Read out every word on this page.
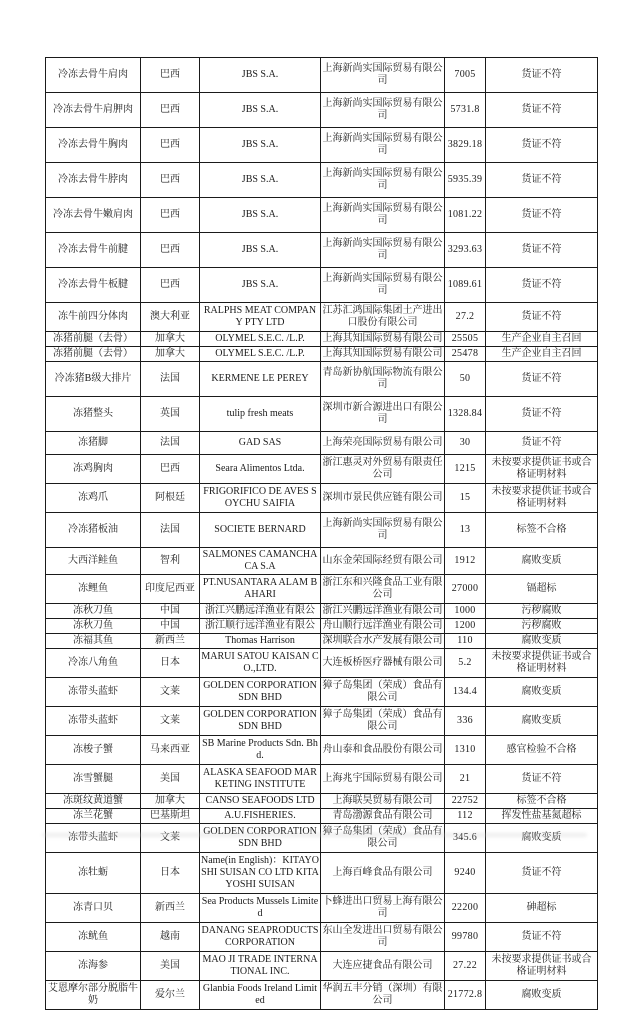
冷冻去骨牛肩肉	巴西	JBS S.A.	上海新尚实国际贸易有限公司	7005	货证不符
冷冻去骨牛肩胛肉	巴西	JBS S.A.	上海新尚实国际贸易有限公司	5731.8	货证不符
冷冻去骨牛胸肉	巴西	JBS S.A.	上海新尚实国际贸易有限公司	3829.18	货证不符
冷冻去骨牛脖肉	巴西	JBS S.A.	上海新尚实国际贸易有限公司	5935.39	货证不符
冷冻去骨牛嫩肩肉	巴西	JBS S.A.	上海新尚实国际贸易有限公司	1081.22	货证不符
冷冻去骨牛前腱	巴西	JBS S.A.	上海新尚实国际贸易有限公司	3293.63	货证不符
冷冻去骨牛板腱	巴西	JBS S.A.	上海新尚实国际贸易有限公司	1089.61	货证不符
冻牛前四分体肉	澳大利亚	RALPHS MEAT COMPANY PTY LTD	江苏汇鸿国际集团土产进出口股份有限公司	27.2	货证不符
冻猪前腿（去骨）	加拿大	OLYMEL S.E.C. /L.P.	上海其知国际贸易有限公司	25505	生产企业自主召回
冻猪前腿（去骨）	加拿大	OLYMEL S.E.C. /L.P.	上海其知国际贸易有限公司	25478	生产企业自主召回
冷冻猪B级大排片	法国	KERMENE LE PEREY	青岛新协航国际物流有限公司	50	货证不符
冻猪整头	英国	tulip fresh meats	深圳市新合源进出口有限公司	1328.84	货证不符
冻猪脚	法国	GAD SAS	上海荣亮国际贸易有限公司	30	货证不符
冻鸡胸肉	巴西	Seara Alimentos Ltda.	浙江惠灵对外贸易有限责任公司	1215	未按要求提供证书或合格证明材料
冻鸡爪	阿根廷	FRIGORIFICO DE AVES SOYCHU SAIFIA	深圳市景民供应链有限公司	15	未按要求提供证书或合格证明材料
冷冻猪板油	法国	SOCIETE BERNARD	上海新尚实国际贸易有限公司	13	标签不合格
大西洋鲑鱼	智利	SALMONES CAMANCHACA S.A	山东金荣国际经贸有限公司	1912	腐败变质
冻鲤鱼	印度尼西亚	PT.NUSANTARA ALAM BAHARI	浙江东和兴隆食品工业有限公司	27000	镉超标
冻秋刀鱼	中国	浙江兴鹏远洋渔业有限公	浙江兴鹏远洋渔业有限公司	1000	污秽腐败
冻秋刀鱼	中国	浙江顺行远洋渔业有限公	舟山顺行远洋渔业有限公司	1200	污秽腐败
冻福其鱼	新西兰	Thomas Harrison	深圳联合水产发展有限公司	110	腐败变质
冷冻八角鱼	日本	MARUI SATOU KAISAN CO.,LTD.	大连板桥医疗器械有限公司	5.2	未按要求提供证书或合格证明材料
冻带头蓝虾	文莱	GOLDEN CORPORATION SDN BHD	獐子岛集团（荣成）食品有限公司	134.4	腐败变质
冻带头蓝虾	文莱	GOLDEN CORPORATION SDN BHD	獐子岛集团（荣成）食品有限公司	336	腐败变质
冻梭子蟹	马来西亚	SB Marine Products Sdn. Bhd.	舟山泰和食品股份有限公司	1310	感官检验不合格
冻雪蟹腿	美国	ALASKA SEAFOOD MARKETING INSTITUTE	上海兆宇国际贸易有限公司	21	货证不符
冻斑纹黄道蟹	加拿大	CANSO SEAFOODS LTD	上海联昊贸易有限公司	22752	标签不合格
冻兰花蟹	巴基斯坦	A.U.FISHERIES.	青岛渤源食品有限公司	112	挥发性盐基氮超标
冻带头蓝虾	文莱	GOLDEN CORPORATION SDN BHD	獐子岛集团（荣成）食品有限公司	345.6	腐败变质
冻牡蛎	日本	Name(in English)：KITAYOSHI SUISAN CO LTD KITAYOSHI SUISAN	上海百峰食品有限公司	9240	货证不符
冻青口贝	新西兰	Sea Products Mussels Limited	卜蜂进出口贸易上海有限公司	22200	砷超标
冻鱿鱼	越南	DANANG SEAPRODUCTS CORPORATION	东山全发进出口贸易有限公司	99780	货证不符
冻海参	美国	MAO JI TRADE INTERNATIONAL INC.	大连应捷食品有限公司	27.22	未按要求提供证书或合格证明材料
艾恩摩尔部分脱脂牛奶	爱尔兰	Glanbia Foods Ireland Limited	华润五丰分销（深圳）有限公司	21772.8	腐败变质
